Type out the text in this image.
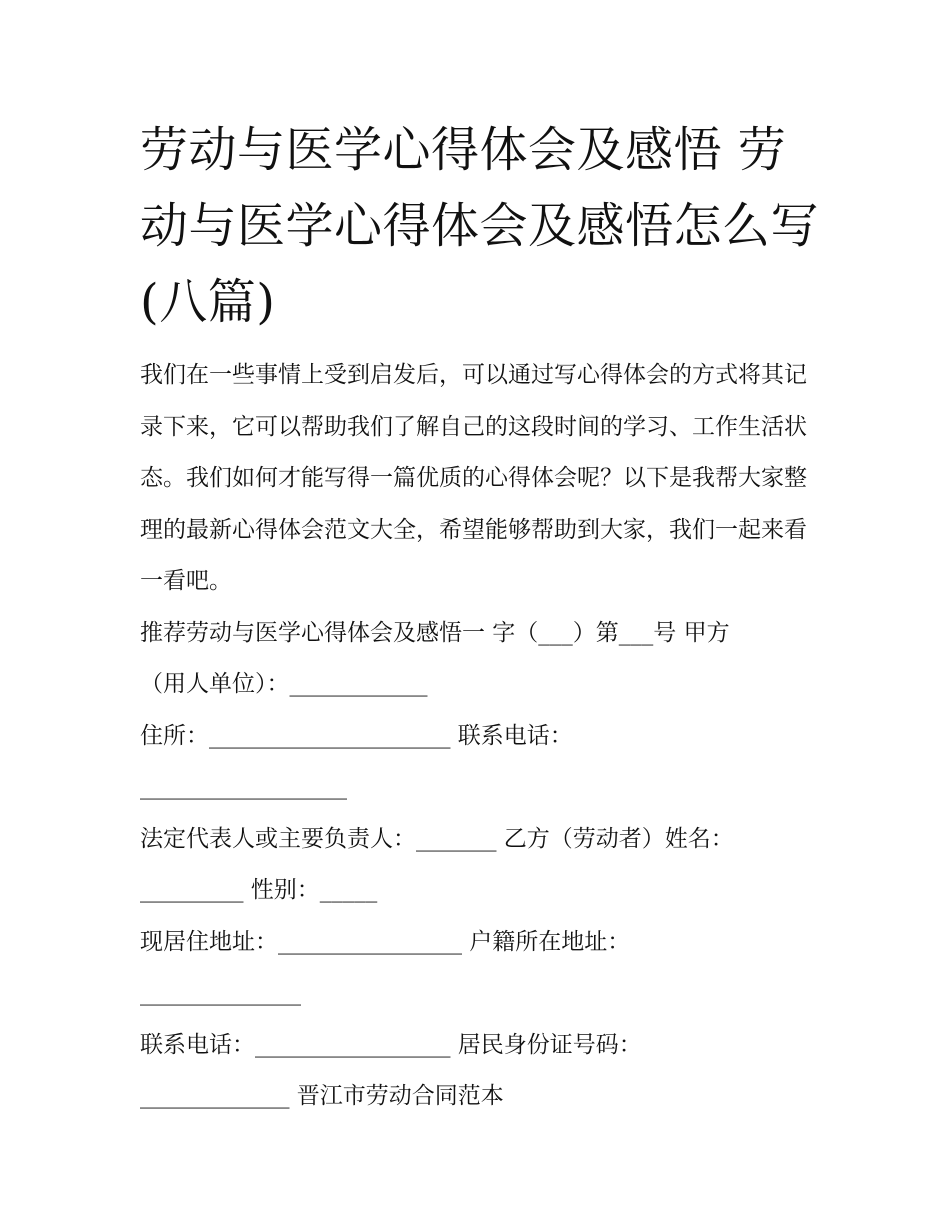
劳动与医学心得体会及感悟 劳动与医学心得体会及感悟怎么写(八篇)
我们在一些事情上受到启发后，可以通过写心得体会的方式将其记录下来，它可以帮助我们了解自己的这段时间的学习、工作生活状态。我们如何才能写得一篇优质的心得体会呢？以下是我帮大家整理的最新心得体会范文大全，希望能够帮助到大家，我们一起来看一看吧。
推荐劳动与医学心得体会及感悟一 字（___）第___号 甲方
（用人单位）：____________
住所：_____________________ 联系电话：
__________________
法定代表人或主要负责人：_______ 乙方（劳动者）姓名：
_________ 性别：_____
现居住地址：________________ 户籍所在地址：
______________
联系电话：_________________ 居民身份证号码：
_____________ 晋江市劳动合同范本
